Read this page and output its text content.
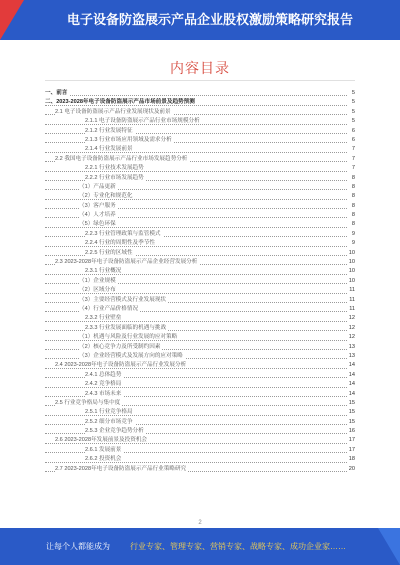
电子设备防盗展示产品企业股权激励策略研究报告
内容目录
一、前言	5
二、2023-2028年电子设备防盗展示产品市场前景及趋势预测	5
2.1 电子设备防盗展示产品行业发展现状及前景	5
2.1.1 电子设备防盗展示产品行业市场规模分析	5
2.1.2 行业发展特征	6
2.1.3 行业市场应用领域及需求分析	6
2.1.4 行业发展前景	7
2.2 我国电子设备防盗展示产品行业市场发展趋势分析	7
2.2.1 行业技术发展趋势	7
2.2.2 行业市场发展趋势	8
（1）产品更新	8
（2）专业化和规范化	8
（3）客户服务	8
（4）人才培养	8
（5）绿色环保	8
2.2.3 行业管理政策与监管模式	9
2.2.4 行业的周期性及季节性	9
2.2.5 行业的区域性	10
2.3 2023-2028年电子设备防盗展示产品企业经营发展分析	10
2.3.1 行业概况	10
（1）企业规模	10
（2）区域分布	11
（3）主要经营模式及行业发展现状	11
（4）行业产品价格情况	11
2.3.2 行业壁垒	12
2.3.3 行业发展面临的机遇与挑战	12
（1）机遇与风险及行业发展的应对策略	12
（2）核心竞争力及所受制约因素	13
（3）企业经营模式及发展方向的应对策略	13
2.4 2023-2028年电子设备防盗展示产品行业发展分析	14
2.4.1 总体趋势	14
2.4.2 竞争格局	14
2.4.3 市场未来	14
2.5 行业竞争格局与集中度	15
2.5.1 行业竞争格局	15
2.5.2 细分市场竞争	15
2.5.3 企业竞争趋势分析	16
2.6 2023-2028年发展前景及投资机会	17
2.6.1 发展前景	17
2.6.2 投资机会	18
2.7 2023-2028年电子设备防盗展示产品行业策略研究	20
2
让每个人都能成为	行业专家、管理专家、营销专家、战略专家、成功企业家……
